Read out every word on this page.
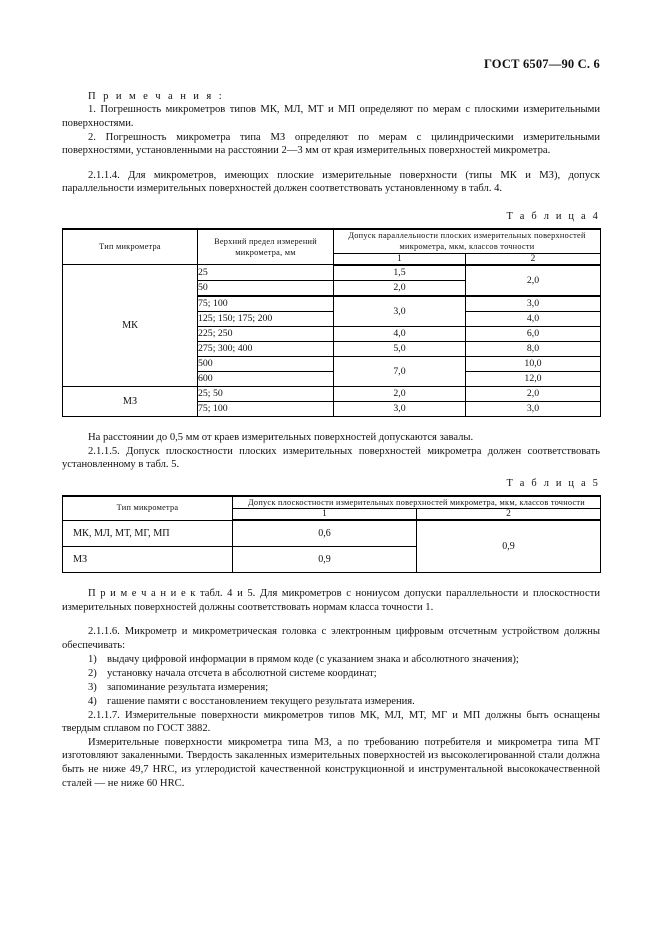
ГОСТ 6507—90 С. 6

П р и м е ч а н и я :

1. Погрешность микрометров типов МК, МЛ, МТ и МП определяют по мерам с плоскими измерительными поверхностями.

2. Погрешность микрометра типа МЗ определяют по мерам с цилиндрическими измерительными поверхностями, установленными на расстоянии 2—3 мм от края измерительных поверхностей микрометра.

2.1.1.4. Для микрометров, имеющих плоские измерительные поверхности (типы МК и МЗ), допуск параллельности измерительных поверхностей должен соответствовать установленному в табл. 4.

Т а б л и ц а 4

Тип микрометра	Верхний предел измерений микрометра, мм	Допуск параллельности плоских измерительных поверхностей микрометра, мкм, классов точности	
		1	2
МК	25	1,5	2,0
	50	2,0	
	75; 100	3,0	3,0
	125; 150; 175; 200		4,0
	225; 250	4,0	6,0
	275; 300; 400	5,0	8,0
	500	7,0	10,0
	600		12,0
МЗ	25; 50	2,0	2,0
	75; 100	3,0	3,0

На расстоянии до 0,5 мм от краев измерительных поверхностей допускаются завалы.

2.1.1.5. Допуск плоскостности плоских измерительных поверхностей микрометра должен соответствовать установленному в табл. 5.

Т а б л и ц а 5

Тип микрометра	Допуск плоскостности измерительных поверхностей микрометра, мкм, классов точности	
	1	2
МК, МЛ, МТ, МГ, МП	0,6	0,9
МЗ	0,9	

П р и м е ч а н и е к табл. 4 и 5. Для микрометров с нониусом допуски параллельности и плоскостности измерительных поверхностей должны соответствовать нормам класса точности 1.

2.1.1.6. Микрометр и микрометрическая головка с электронным цифровым отсчетным устройством должны обеспечивать:

1) выдачу цифровой информации в прямом коде (с указанием знака и абсолютного значения);
2) установку начала отсчета в абсолютной системе координат;
3) запоминание результата измерения;
4) гашение памяти с восстановлением текущего результата измерения.

2.1.1.7. Измерительные поверхности микрометров типов МК, МЛ, МТ, МГ и МП должны быть оснащены твердым сплавом по ГОСТ 3882.

Измерительные поверхности микрометра типа МЗ, а по требованию потребителя и микрометра типа МТ изготовляют закаленными. Твердость закаленных измерительных поверхностей из высоколегированной стали должна быть не ниже 49,7 HRC, из углеродистой качественной конструкционной и инструментальной высококачественной сталей — не ниже 60 HRC.
